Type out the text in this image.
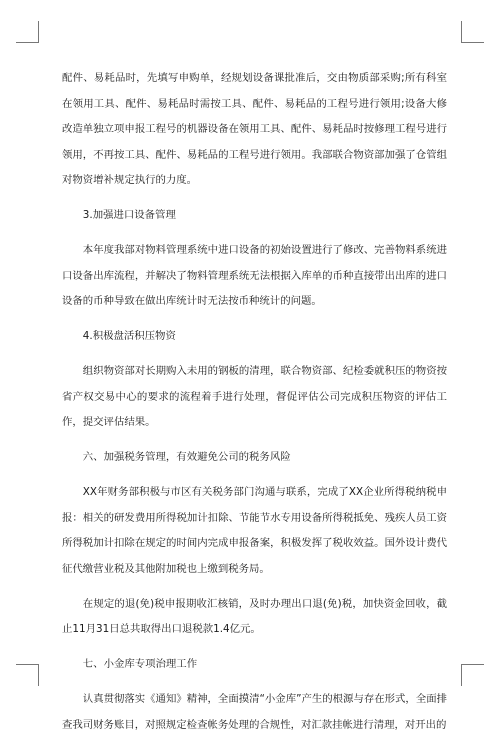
配件、易耗品时，先填写申购单，经规划设备课批准后，交由物质部采购;所有科室在领用工具、配件、易耗品时需按工具、配件、易耗品的工程号进行领用;设备大修改造单独立项申报工程号的机器设备在领用工具、配件、易耗品时按修理工程号进行领用，不再按工具、配件、易耗品的工程号进行领用。我部联合物资部加强了仓管组对物资增补规定执行的力度。

3.加强进口设备管理

本年度我部对物料管理系统中进口设备的初始设置进行了修改、完善物料系统进口设备出库流程，并解决了物料管理系统无法根据入库单的币种直接带出出库的进口设备的币种导致在做出库统计时无法按币种统计的问题。

4.积极盘活积压物资

组织物资部对长期购入未用的钢板的清理，联合物资部、纪检委就积压的物资按省产权交易中心的要求的流程着手进行处理，督促评估公司完成积压物资的评估工作，提交评估结果。

六、加强税务管理，有效避免公司的税务风险

XX年财务部积极与市区有关税务部门沟通与联系，完成了XX企业所得税纳税申报：相关的研发费用所得税加计扣除、节能节水专用设备所得税抵免、残疾人员工资所得税加计扣除在规定的时间内完成申报备案，积极发挥了税收效益。国外设计费代征代缴营业税及其他附加税也上缴到税务局。

在规定的退(免)税申报期收汇核销，及时办理出口退(免)税，加快资金回收，截止11月31日总共取得出口退税款1.4亿元。

七、小金库专项治理工作

认真贯彻落实《通知》精神，全面摸清“小金库”产生的根源与存在形式，全面排查我司财务账目，对照规定检查帐务处理的合规性，对汇款挂帐进行清理，对开出的
